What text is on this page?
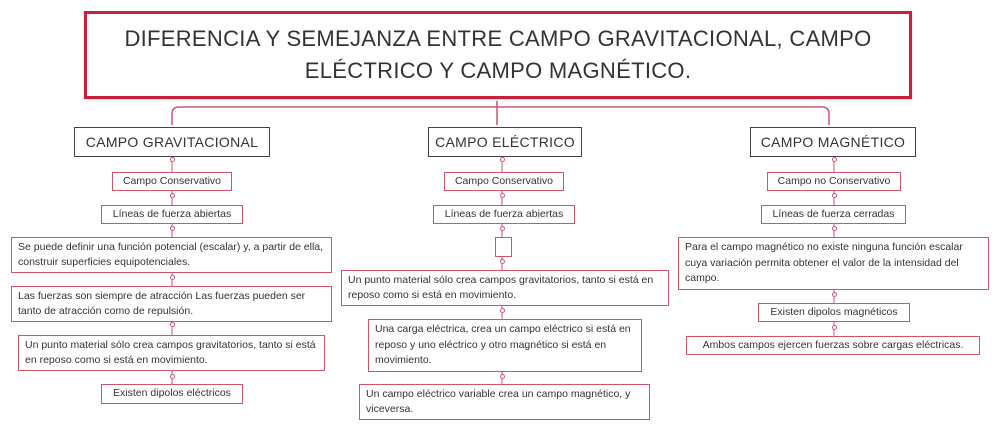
DIFERENCIA Y SEMEJANZA ENTRE CAMPO GRAVITACIONAL, CAMPO ELÉCTRICO Y CAMPO MAGNÉTICO.
CAMPO GRAVITACIONAL	CAMPO ELÉCTRICO	CAMPO MAGNÉTICO
Campo Conservativo
Líneas de fuerza abiertas
Se puede definir una función potencial (escalar) y, a partir de ella, construir superficies equipotenciales.
Las fuerzas son siempre de atracción Las fuerzas pueden ser tanto de atracción como de repulsión.
Un punto material sólo crea campos gravitatorios, tanto si está en reposo como si está en movimiento.
Existen dipolos eléctricos
Campo Conservativo
Líneas de fuerza abiertas
Un punto material sólo crea campos gravitatorios, tanto si está en reposo como si está en movimiento.
Una carga eléctrica, crea un campo eléctrico si está en reposo y uno eléctrico y otro magnético si está en movimiento.
Un campo eléctrico variable crea un campo magnético, y viceversa.
Campo no Conservativo
Líneas de fuerza cerradas
Para el campo magnético no existe ninguna función escalar cuya variación permita obtener el valor de la intensidad del campo.
Existen dipolos magnéticos
Ambos campos ejercen fuerzas sobre cargas eléctricas.
